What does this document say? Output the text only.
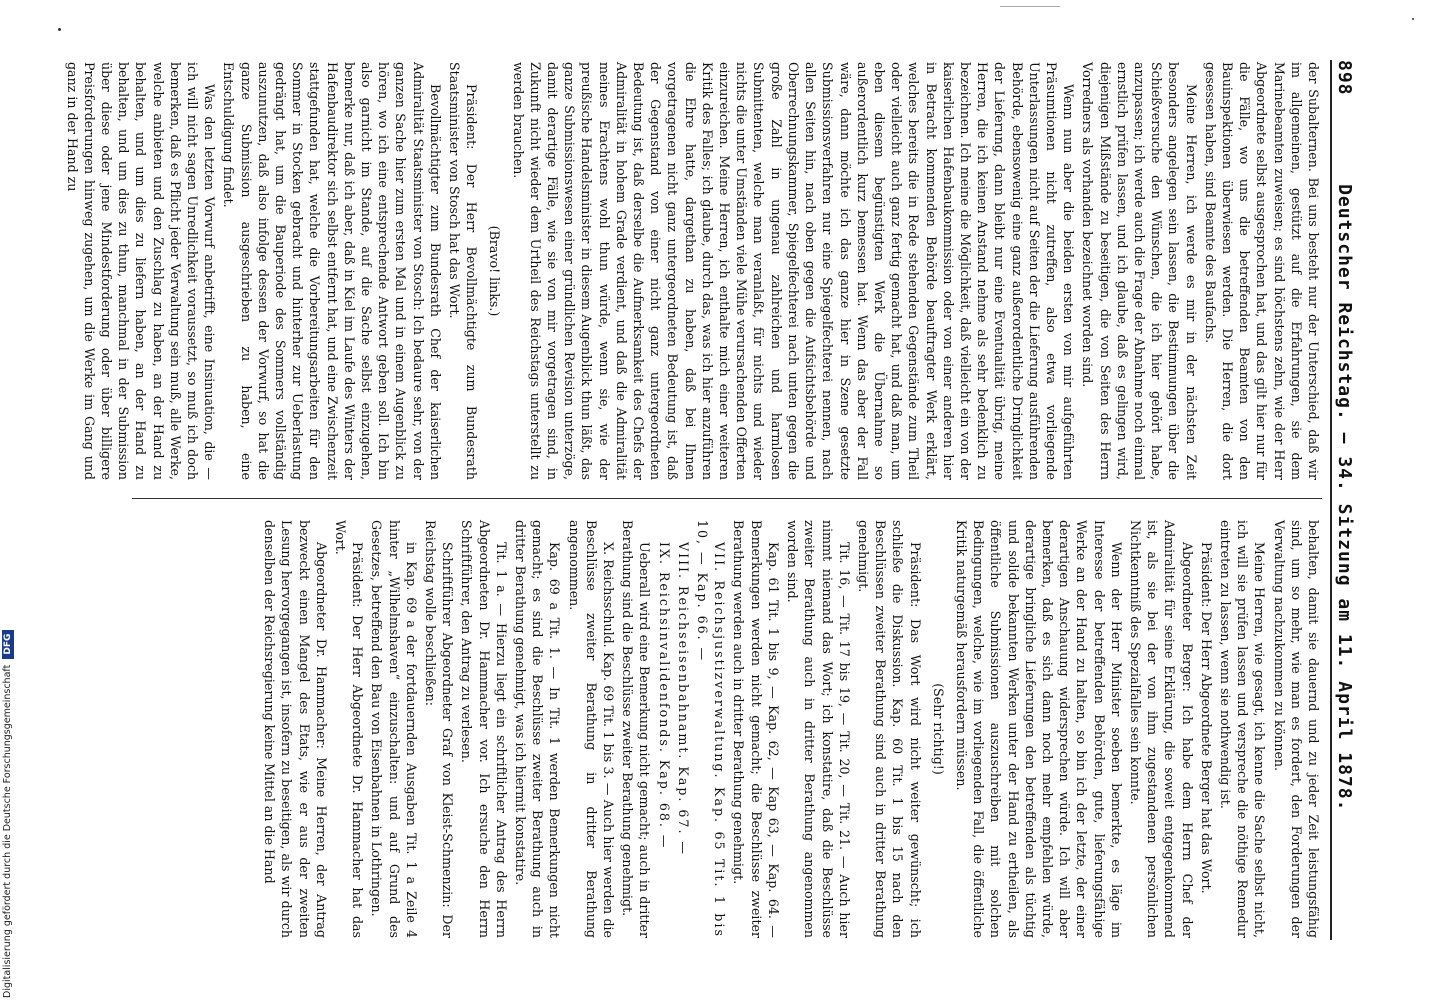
898
Deutscher Reichstag. — 34. Sitzung am 11. April 1878.

der Subalternen. Bei uns besteht nur der Unterschied, daß wir im allgemeinen, gestützt auf die Erfahrungen, sie dem Marinebeamten zuweisen; es sind höchstens zehn, wie der Herr Abgeordnete selbst ausgesprochen hat, und das gilt hier nur für die Fälle, wo uns die betreffenden Beamten von den Bauinspektionen überwiesen werden. Die Herren, die dort gesessen haben, sind Beamte des Baufachs.

Meine Herren, ich werde es mir in der nächsten Zeit besonders angelegen sein lassen, die Bestimmungen über die Schießversuche den Wünschen, die ich hier gehört habe, anzupassen; ich werde auch die Frage der Abnahme noch einmal ernstlich prüfen lassen, und ich glaube, daß es gelingen wird, diejenigen Mißstände zu beseitigen, die von Seiten des Herrn Vorredners als vorhanden bezeichnet worden sind.

Wenn nun aber die beiden ersten von mir aufgeführten Präsumtionen nicht zutreffen, also etwa vorliegende Unterlassungen nicht auf Seiten der die Lieferung ausführenden Behörde, ebensowenig eine ganz außerordentliche Dringlichkeit der Lieferung, dann bleibt nur eine Eventualität übrig, meine Herren, die ich keinen Anstand nehme als sehr bedenklich zu bezeichnen. Ich meine die Möglichkeit, daß vielleicht ein von der kaiserlichen Hafenbaukommission oder von einer anderen hier in Betracht kommenden Behörde beauftragter Werk erklärt, welches bereits die in Rede stehenden Gegenstände zum Theil oder vielleicht auch ganz fertig gemacht hat, und daß man, um eben diesem begünstigten Werk die Übernahme so außerordentlich kurz bemessen hat. Wenn das aber der Fall wäre, dann möchte ich das ganze hier in Szene gesetzte Submissionsverfahren nur eine Spiegelfechterei nennen, nach allen Seiten hin, nach oben gegen die Aufsichtsbehörde und Oberrechnungskammer, Spiegelfechterei nach unten gegen die große Zahl in ungenau zahlreichen und harmlosen Submittenten, welche man veranlaßt, für nichts und wieder nichts die unter Umständen viele Mühe verursachenden Offerten einzureichen. Meine Herren, ich enthalte mich einer weiteren Kritik des Falles; ich glaube, durch das, was ich hier anzuführen die Ehre hatte, dargethan zu haben, daß bei Ihnen vorgetragenen nicht ganz untergeordneten Bedeutung ist, daß der Gegenstand von einer nicht ganz untergeordneten Bedeutung ist, daß derselbe die Aufmerksamkeit des Chefs der Admiralität in hohem Grade verdient, und daß die Admiralität meines Erachtens wohl thun würde, wenn sie, wie der preußische Handelsminister in diesem Augenblick thun läßt, das ganze Submissionswesen einer gründlichen Revision unterzöge, damit derartige Fälle, wie sie von mir vorgetragen sind, in Zukunft nicht wieder dem Urtheil des Reichstags unterstellt zu werden brauchen.

(Bravo! links.)

Präsident: Der Herr Bevollmächtigte zum Bundesrath Staatsminister von Stosch hat das Wort.

Bevollmächtigter zum Bundesrath Chef der kaiserlichen Admiralität Staatsminister von Stosch: Ich bedaure sehr, von der ganzen Sache hier zum ersten Mal und in einem Augenblick zu hören, wo ich eine entsprechende Antwort geben soll. Ich bin also garnicht im Stande, auf die Sache selbst einzugehen, bemerke nur, daß ich aber, daß in Kiel im Laufe des Winters der Hafenbaudirektor sich selbst entfernt hat, und eine Zwischenzeit stattgefunden hat, welche die Vorbereitungsarbeiten für den Sommer in Stocken gebracht und hinterher zur Ueberlastung gedrängt hat, um die Bauperiode des Sommers vollständig auszunutzen, daß also infolge dessen der Vorwurf, so hat die ganze Submission ausgeschrieben zu haben, eine Entschuldigung findet.

Was den letzten Vorwurf anbetrifft, eine Insinuation, die — ich will nicht sagen Unredlichkeit voraussetzt, so muß ich doch bemerken, daß es Pflicht jeder Verwaltung sein muß, alle Werke, welche anbieten und den Zuschlag zu haben, an der Hand zu behalten, und um dies zu liefern haben, an der Hand zu behalten, und um dies zu thun, manchmal in der Submission über diese oder jene Mindestforderung oder über billigere Preisforderungen hinweg zugehen, um die Werke im Gang und ganz in der Hand zu

behalten, damit sie dauernd und zu jeder Zeit leistungsfähig sind, um so mehr, wie man es fordert, den Forderungen der Verwaltung nachzukommen zu können.

Meine Herren, wie gesagt, ich kenne die Sache selbst nicht, ich will sie prüfen lassen und verspreche die nöthige Remedur eintreten zu lassen, wenn sie nothwendig ist.

Präsident: Der Herr Abgeordnete Berger hat das Wort.

Abgeordneter Berger: Ich habe dem Herrn Chef der Admiralität für seine Erklärung, die soweit entgegenkommend ist, als sie bei der von ihm zugestandenen persönlichen Nichtkenntniß des Spezialfalles sein konnte.

Wenn der Herr Minister soeben bemerkte, es läge im Interesse der betreffenden Behörden, gute, lieferungsfähige Werke an der Hand zu halten, so bin ich der letzte, der einer derartigen Anschauung widersprechen würde. Ich will aber bemerken, daß es sich dann noch mehr empfehlen würde, derartige bringliche Lieferungen den betreffenden als tüchtig und solide bekannten Werken unter der Hand zu ertheilen, als öffentliche Submissionen auszuschreiben mit solchen Bedingungen, welche, wie im vorliegenden Fall, die öffentliche Kritik naturgemäß herausfordern müssen.

(Sehr richtig!)

Präsident: Das Wort wird nicht weiter gewünscht; ich schließe die Diskussion. Kap. 60 Tit. 1 bis 15 nach den Beschlüssen zweiter Berathung sind auch in dritter Berathung genehmigt.

Tit. 16, — Tit. 17 bis 19, — Tit. 20, — Tit. 21. — Auch hier nimmt niemand das Wort; ich konstatire, daß die Beschlüsse zweiter Berathung auch in dritter Berathung angenommen worden sind.

Kap. 61 Tit. 1 bis 9, — Kap. 62, — Kap 63, — Kap. 64. — Bemerkungen werden nicht gemacht; die Beschlüsse zweiter Berathung werden auch in dritter Berathung genehmigt.

VII. Reichsjustizverwaltung. Kap. 65 Tit. 1 bis 10, — Kap. 66. —

VIII. Reichseisenbahnamt. Kap. 67. —

IX. Reichsinvalidenfonds. Kap. 68. —

Ueberall wird eine Bemerkung nicht gemacht; auch in dritter Berathung sind die Beschlüsse zweiter Berathung genehmigt.

X. Reichsschuld. Kap. 69 Tit. 1 bis 3. — Auch hier werden die Beschlüsse zweiter Berathung in dritter Berathung angenommen.

Kap. 69 a Tit. 1. — In Tit. 1 werden Bemerkungen nicht gemacht; es sind die Beschlüsse zweiter Berathung auch in dritter Berathung genehmigt, was ich hiermit konstatire.

Tit. 1 a. — Hierzu liegt ein schriftlicher Antrag des Herrn Abgeordneten Dr. Hammacher vor. Ich ersuche den Herrn Schriftführer, den Antrag zu verlesen.

Schriftführer Abgeordneter Graf von Kleist-Schmenzin: Der Reichstag wolle beschließen:

in Kap. 69 a der fortdauernden Ausgaben Tit. 1 a Zeile 4 hinter „Wilhelmshaven“ einzuschalten: und auf Grund des Gesetzes, betreffend den Bau von Eisenbahnen in Lothringen.

Präsident: Der Herr Abgeordnete Dr. Hammacher hat das Wort.

Abgeordneter Dr. Hammacher: Meine Herren, der Antrag bezweckt einen Mangel des Etats, wie er aus der zweiten Lesung hervorgegangen ist, insofern zu beseitigen, als wir durch denselben der Reichsregierung keine Mittel an die Hand

Digitalisierung gefördert durch die Deutsche Forschungsgemeinschaft DFG
